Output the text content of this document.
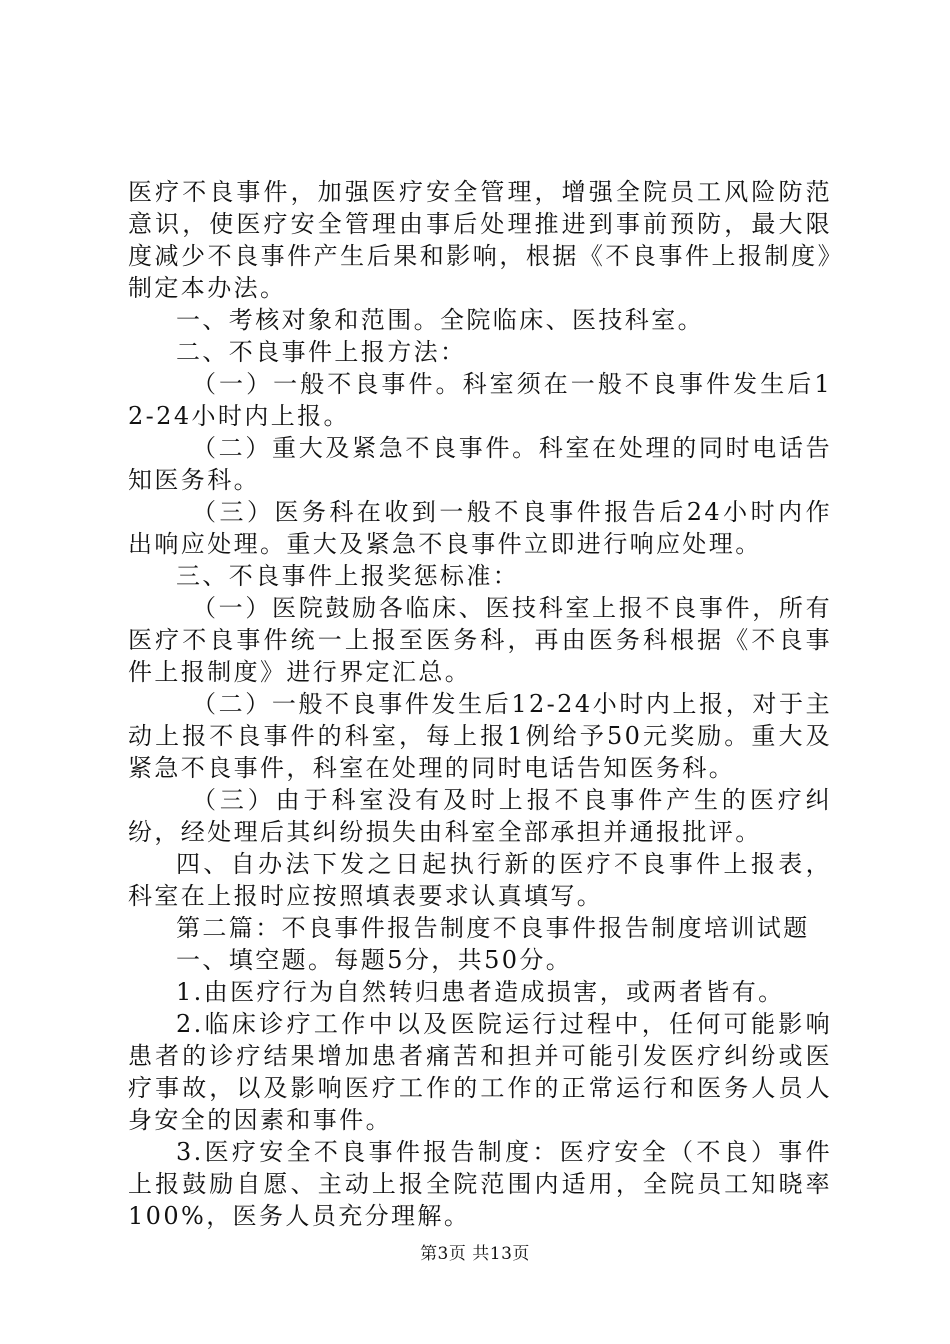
医疗不良事件，加强医疗安全管理，增强全院员工风险防范意识，使医疗安全管理由事后处理推进到事前预防，最大限度减少不良事件产生后果和影响，根据《不良事件上报制度》制定本办法。

一、考核对象和范围。全院临床、医技科室。

二、不良事件上报方法：

（一）一般不良事件。科室须在一般不良事件发生后12-24小时内上报。

（二）重大及紧急不良事件。科室在处理的同时电话告知医务科。

（三）医务科在收到一般不良事件报告后24小时内作出响应处理。重大及紧急不良事件立即进行响应处理。

三、不良事件上报奖惩标准：

（一）医院鼓励各临床、医技科室上报不良事件，所有医疗不良事件统一上报至医务科，再由医务科根据《不良事件上报制度》进行界定汇总。

（二）一般不良事件发生后12-24小时内上报，对于主动上报不良事件的科室，每上报1例给予50元奖励。重大及紧急不良事件，科室在处理的同时电话告知医务科。

（三）由于科室没有及时上报不良事件产生的医疗纠纷，经处理后其纠纷损失由科室全部承担并通报批评。

四、自办法下发之日起执行新的医疗不良事件上报表，科室在上报时应按照填表要求认真填写。

第二篇：不良事件报告制度不良事件报告制度培训试题

一、填空题。每题5分，共50分。

1.由医疗行为自然转归患者造成损害，或两者皆有。

2.临床诊疗工作中以及医院运行过程中，任何可能影响患者的诊疗结果增加患者痛苦和担并可能引发医疗纠纷或医疗事故，以及影响医疗工作的工作的正常运行和医务人员人身安全的因素和事件。

3.医疗安全不良事件报告制度：医疗安全（不良）事件上报鼓励自愿、主动上报全院范围内适用，全院员工知晓率100%，医务人员充分理解。

第3页 共13页
